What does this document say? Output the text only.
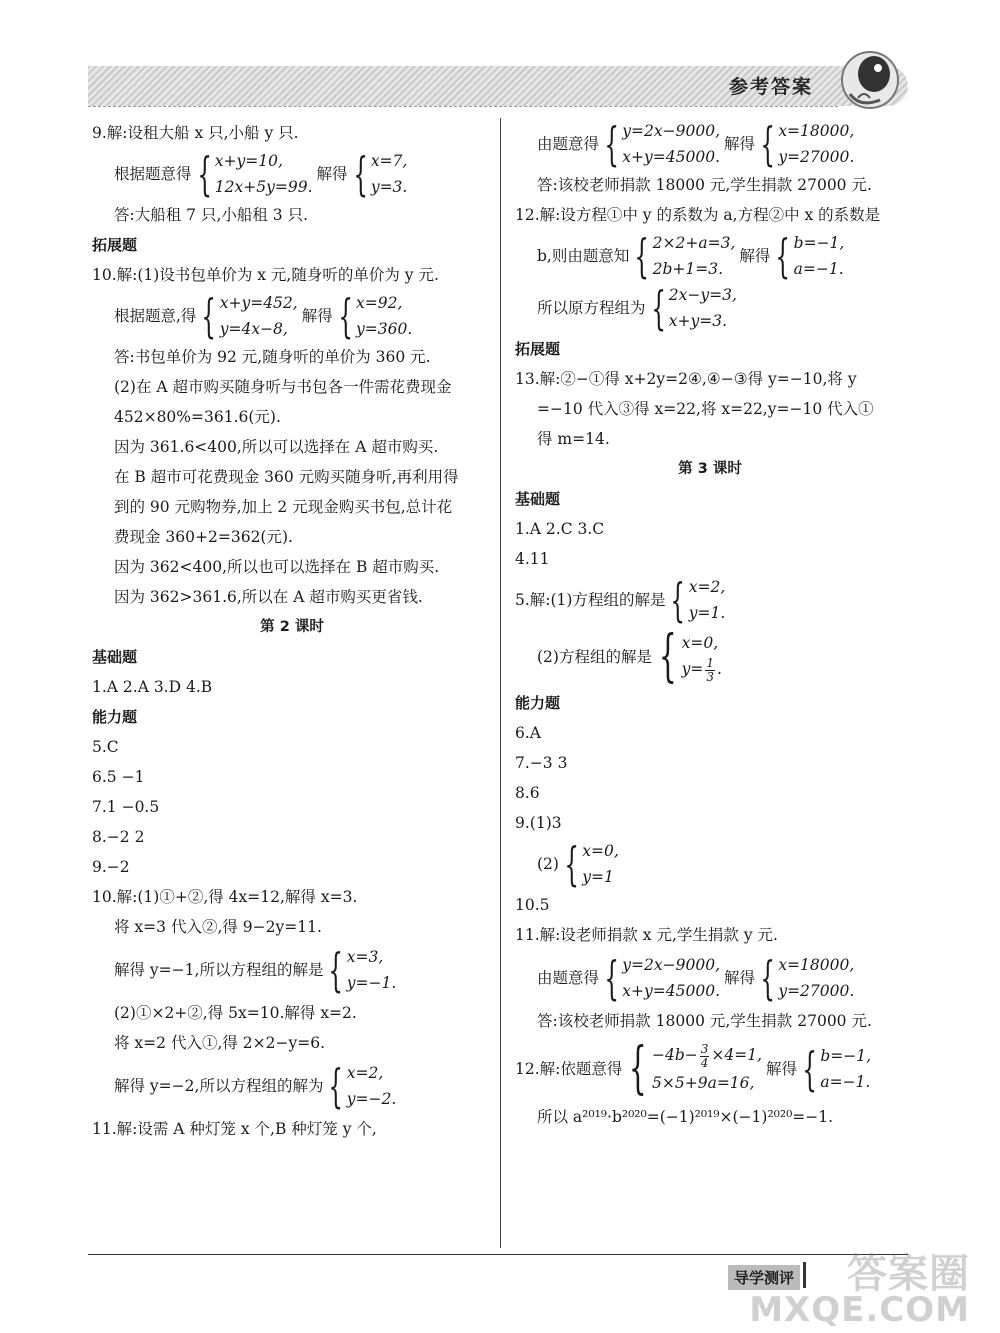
参考答案
9.解:设租大船 x 只,小船 y 只.
根据题意得 { x+y=10,
12x+5y=99.
解得 { x=7,
y=3.
答:大船租 7 只,小船租 3 只.
拓展题
10.解:(1)设书包单价为 x 元,随身听的单价为 y 元.
根据题意,得 { x+y=452,
y=4x−8,
解得 { x=92,
y=360.
答:书包单价为 92 元,随身听的单价为 360 元.
(2)在 A 超市购买随身听与书包各一件需花费现金
452×80%=361.6(元).
因为 361.6<400,所以可以选择在 A 超市购买.
在 B 超市可花费现金 360 元购买随身听,再利用得
到的 90 元购物券,加上 2 元现金购买书包,总计花
费现金 360+2=362(元).
因为 362<400,所以也可以选择在 B 超市购买.
因为 362>361.6,所以在 A 超市购买更省钱.
第 2 课时
基础题
1.A 2.A 3.D 4.B
能力题
5.C
6.5 −1
7.1 −0.5
8.−2 2
9.−2
10.解:(1)①+②,得 4x=12,解得 x=3.
将 x=3 代入②,得 9−2y=11.
解得 y=−1,所以方程组的解是 { x=3,
y=−1.
(2)①×2+②,得 5x=10.解得 x=2.
将 x=2 代入①,得 2×2−y=6.
解得 y=−2,所以方程组的解为 { x=2,
y=−2.
11.解:设需 A 种灯笼 x 个,B 种灯笼 y 个,
由题意得 { y=2x−9000,
x+y=45000.
解得 { x=18000,
y=27000.
答:该校老师捐款 18000 元,学生捐款 27000 元.
12.解:设方程①中 y 的系数为 a,方程②中 x 的系数是
b,则由题意知 { 2×2+a=3,
2b+1=3.
解得 { b=−1,
a=−1.
所以原方程组为 { 2x−y=3,
x+y=3.
拓展题
13.解:②−①得 x+2y=2④,④−③得 y=−10,将 y
=−10 代入③得 x=22,将 x=22,y=−10 代入①
得 m=14.
第 3 课时
基础题
1.A 2.C 3.C
4.11
5.解:(1)方程组的解是 { x=2,
y=1.
(2)方程组的解是 { x=0,
$y= \frac{1}{3}$ .
能力题
6.A
7.−3 3
8.6
9.(1)3
(2) { x=0,
y=1
10.5
11.解:设老师捐款 x 元,学生捐款 y 元.
由题意得 { y=2x−9000,
x+y=45000.
解得 { x=18000,
y=27000.
答:该校老师捐款 18000 元,学生捐款 27000 元.
12.解:依题意得 { $-4b- \frac{3}{4} \times 4=1$,
5×5+9a=16,
解得 { b=−1,
a=−1.
所以 a²⁰¹⁹·b²⁰²⁰=(−1)²⁰¹⁹×(−1)²⁰²⁰=−1.
导学测评	答案圈
MXQE.COM
